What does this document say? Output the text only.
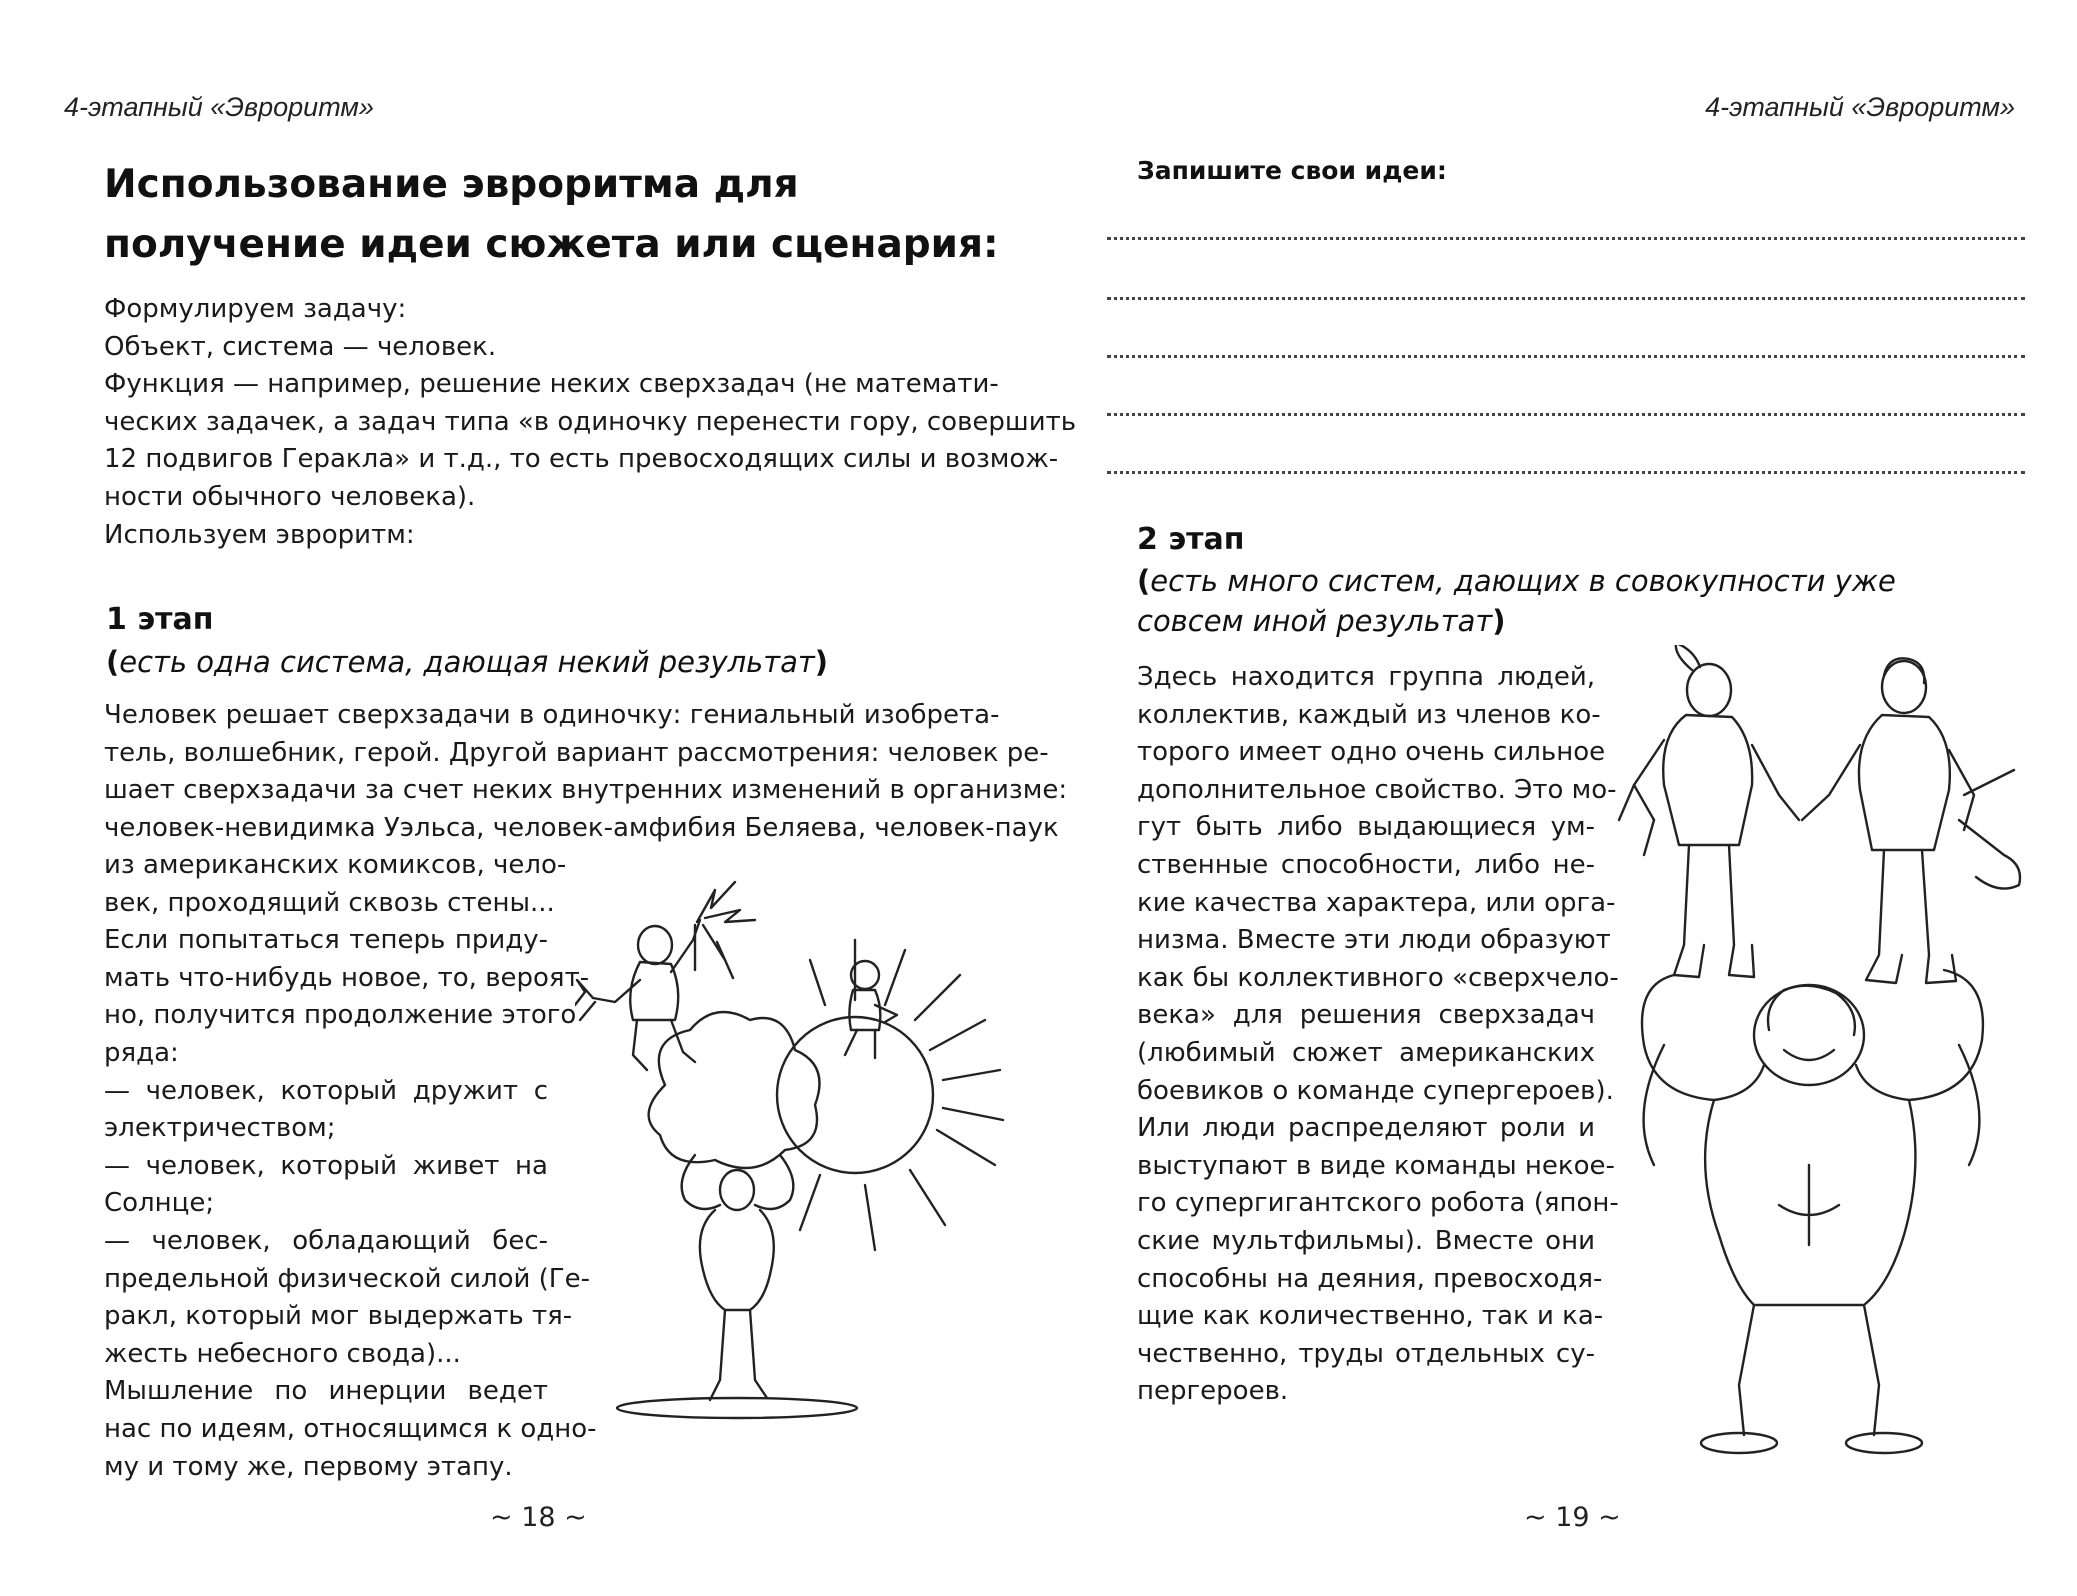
4-этапный «Эвроритм»
Использование эвроритма для
получение идеи сюжета или сценария:
Формулируем задачу:
Объект, система — человек.
Функция — например, решение неких сверхзадач (не математи-
ческих задачек, а задач типа «в одиночку перенести гору, совершить
12 подвигов Геракла» и т.д., то есть превосходящих силы и возмож-
ности обычного человека).
Используем эвроритм:
1 этап
(есть одна система, дающая некий результат)
Человек решает сверхзадачи в одиночку: гениальный изобрета-
тель, волшебник, герой. Другой вариант рассмотрения: человек ре-
шает сверхзадачи за счет неких внутренних изменений в организме:
человек-невидимка Уэльса, человек-амфибия Беляева, человек-паук
из американских комиксов, чело-
век, проходящий сквозь стены...
Если попытаться теперь приду-
мать что-нибудь новое, то, вероят-
но, получится продолжение этого
ряда:
— человек, который дружит с
электричеством;
— человек, который живет на
Солнце;
— человек, обладающий бес-
предельной физической силой (Ге-
ракл, который мог выдержать тя-
жесть небесного свода)...
Мышление по инерции ведет
нас по идеям, относящимся к одно-
му и тому же, первому этапу.
~ 18 ~
4-этапный «Эвроритм»
Запишите свои идеи:
2 этап
(есть много систем, дающих в совокупности уже
совсем иной результат)
Здесь находится группа людей,
коллектив, каждый из членов ко-
торого имеет одно очень сильное
дополнительное свойство. Это мо-
гут быть либо выдающиеся ум-
ственные способности, либо не-
кие качества характера, или орга-
низма. Вместе эти люди образуют
как бы коллективного «сверхчело-
века» для решения сверхзадач
(любимый сюжет американских
боевиков о команде супергероев).
Или люди распределяют роли и
выступают в виде команды некое-
го супергигантского робота (япон-
ские мультфильмы). Вместе они
способны на деяния, превосходя-
щие как количественно, так и ка-
чественно, труды отдельных су-
пергероев.
~ 19 ~
